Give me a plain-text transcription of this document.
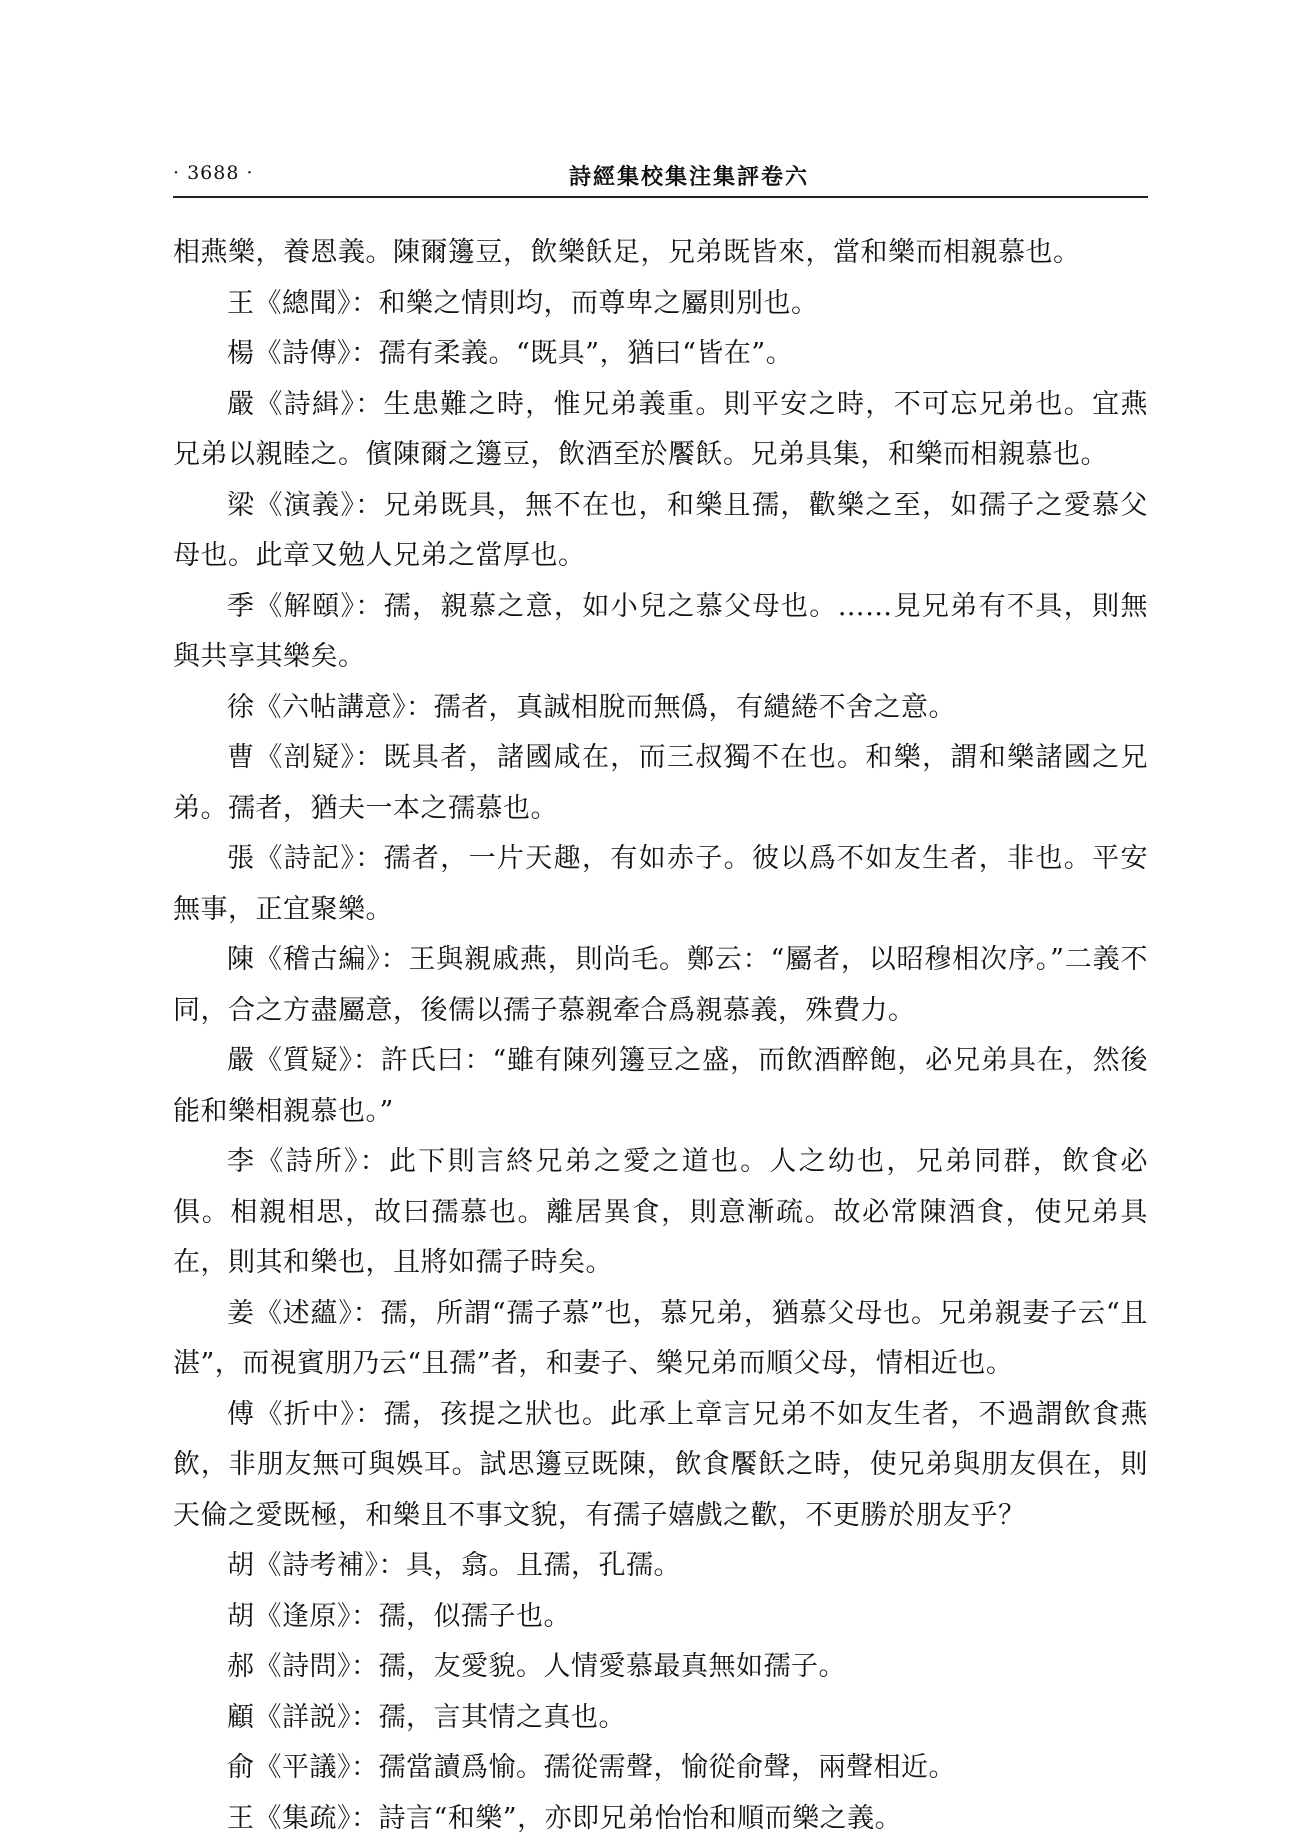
· 3688 ·	詩經集校集注集評卷六

相燕樂，養恩義。陳爾籩豆，飲樂飫足，兄弟既皆來，當和樂而相親慕也。

王《總聞》：和樂之情則均，而尊卑之屬則別也。

楊《詩傳》：孺有柔義。“既具”，猶曰“皆在”。

嚴《詩緝》：生患難之時，惟兄弟義重。則平安之時，不可忘兄弟也。宜燕兄弟以親睦之。儐陳爾之籩豆，飲酒至於饜飫。兄弟具集，和樂而相親慕也。

梁《演義》：兄弟既具，無不在也，和樂且孺，歡樂之至，如孺子之愛慕父母也。此章又勉人兄弟之當厚也。

季《解頤》：孺，親慕之意，如小兒之慕父母也。……見兄弟有不具，則無與共享其樂矣。

徐《六帖講意》：孺者，真誠相脫而無僞，有繾綣不舍之意。

曹《剖疑》：既具者，諸國咸在，而三叔獨不在也。和樂，謂和樂諸國之兄弟。孺者，猶夫一本之孺慕也。

張《詩記》：孺者，一片天趣，有如赤子。彼以爲不如友生者，非也。平安無事，正宜聚樂。

陳《稽古編》：王與親戚燕，則尚毛。鄭云：“屬者，以昭穆相次序。”二義不同，合之方盡屬意，後儒以孺子慕親牽合爲親慕義，殊費力。

嚴《質疑》：許氏曰：“雖有陳列籩豆之盛，而飲酒醉飽，必兄弟具在，然後能和樂相親慕也。”

李《詩所》：此下則言終兄弟之愛之道也。人之幼也，兄弟同群，飲食必俱。相親相思，故曰孺慕也。離居異食，則意漸疏。故必常陳酒食，使兄弟具在，則其和樂也，且將如孺子時矣。

姜《述蘊》：孺，所謂“孺子慕”也，慕兄弟，猶慕父母也。兄弟親妻子云“且湛”，而視賓朋乃云“且孺”者，和妻子、樂兄弟而順父母，情相近也。

傅《折中》：孺，孩提之狀也。此承上章言兄弟不如友生者，不過謂飲食燕飲，非朋友無可與娛耳。試思籩豆既陳，飲食饜飫之時，使兄弟與朋友俱在，則天倫之愛既極，和樂且不事文貌，有孺子嬉戲之歡，不更勝於朋友乎？

胡《詩考補》：具，翕。且孺，孔孺。

胡《逢原》：孺，似孺子也。

郝《詩問》：孺，友愛貌。人情愛慕最真無如孺子。

顧《詳説》：孺，言其情之真也。

俞《平議》：孺當讀爲愉。孺從需聲，愉從俞聲，兩聲相近。

王《集疏》：詩言“和樂”，亦即兄弟怡怡和順而樂之義。
